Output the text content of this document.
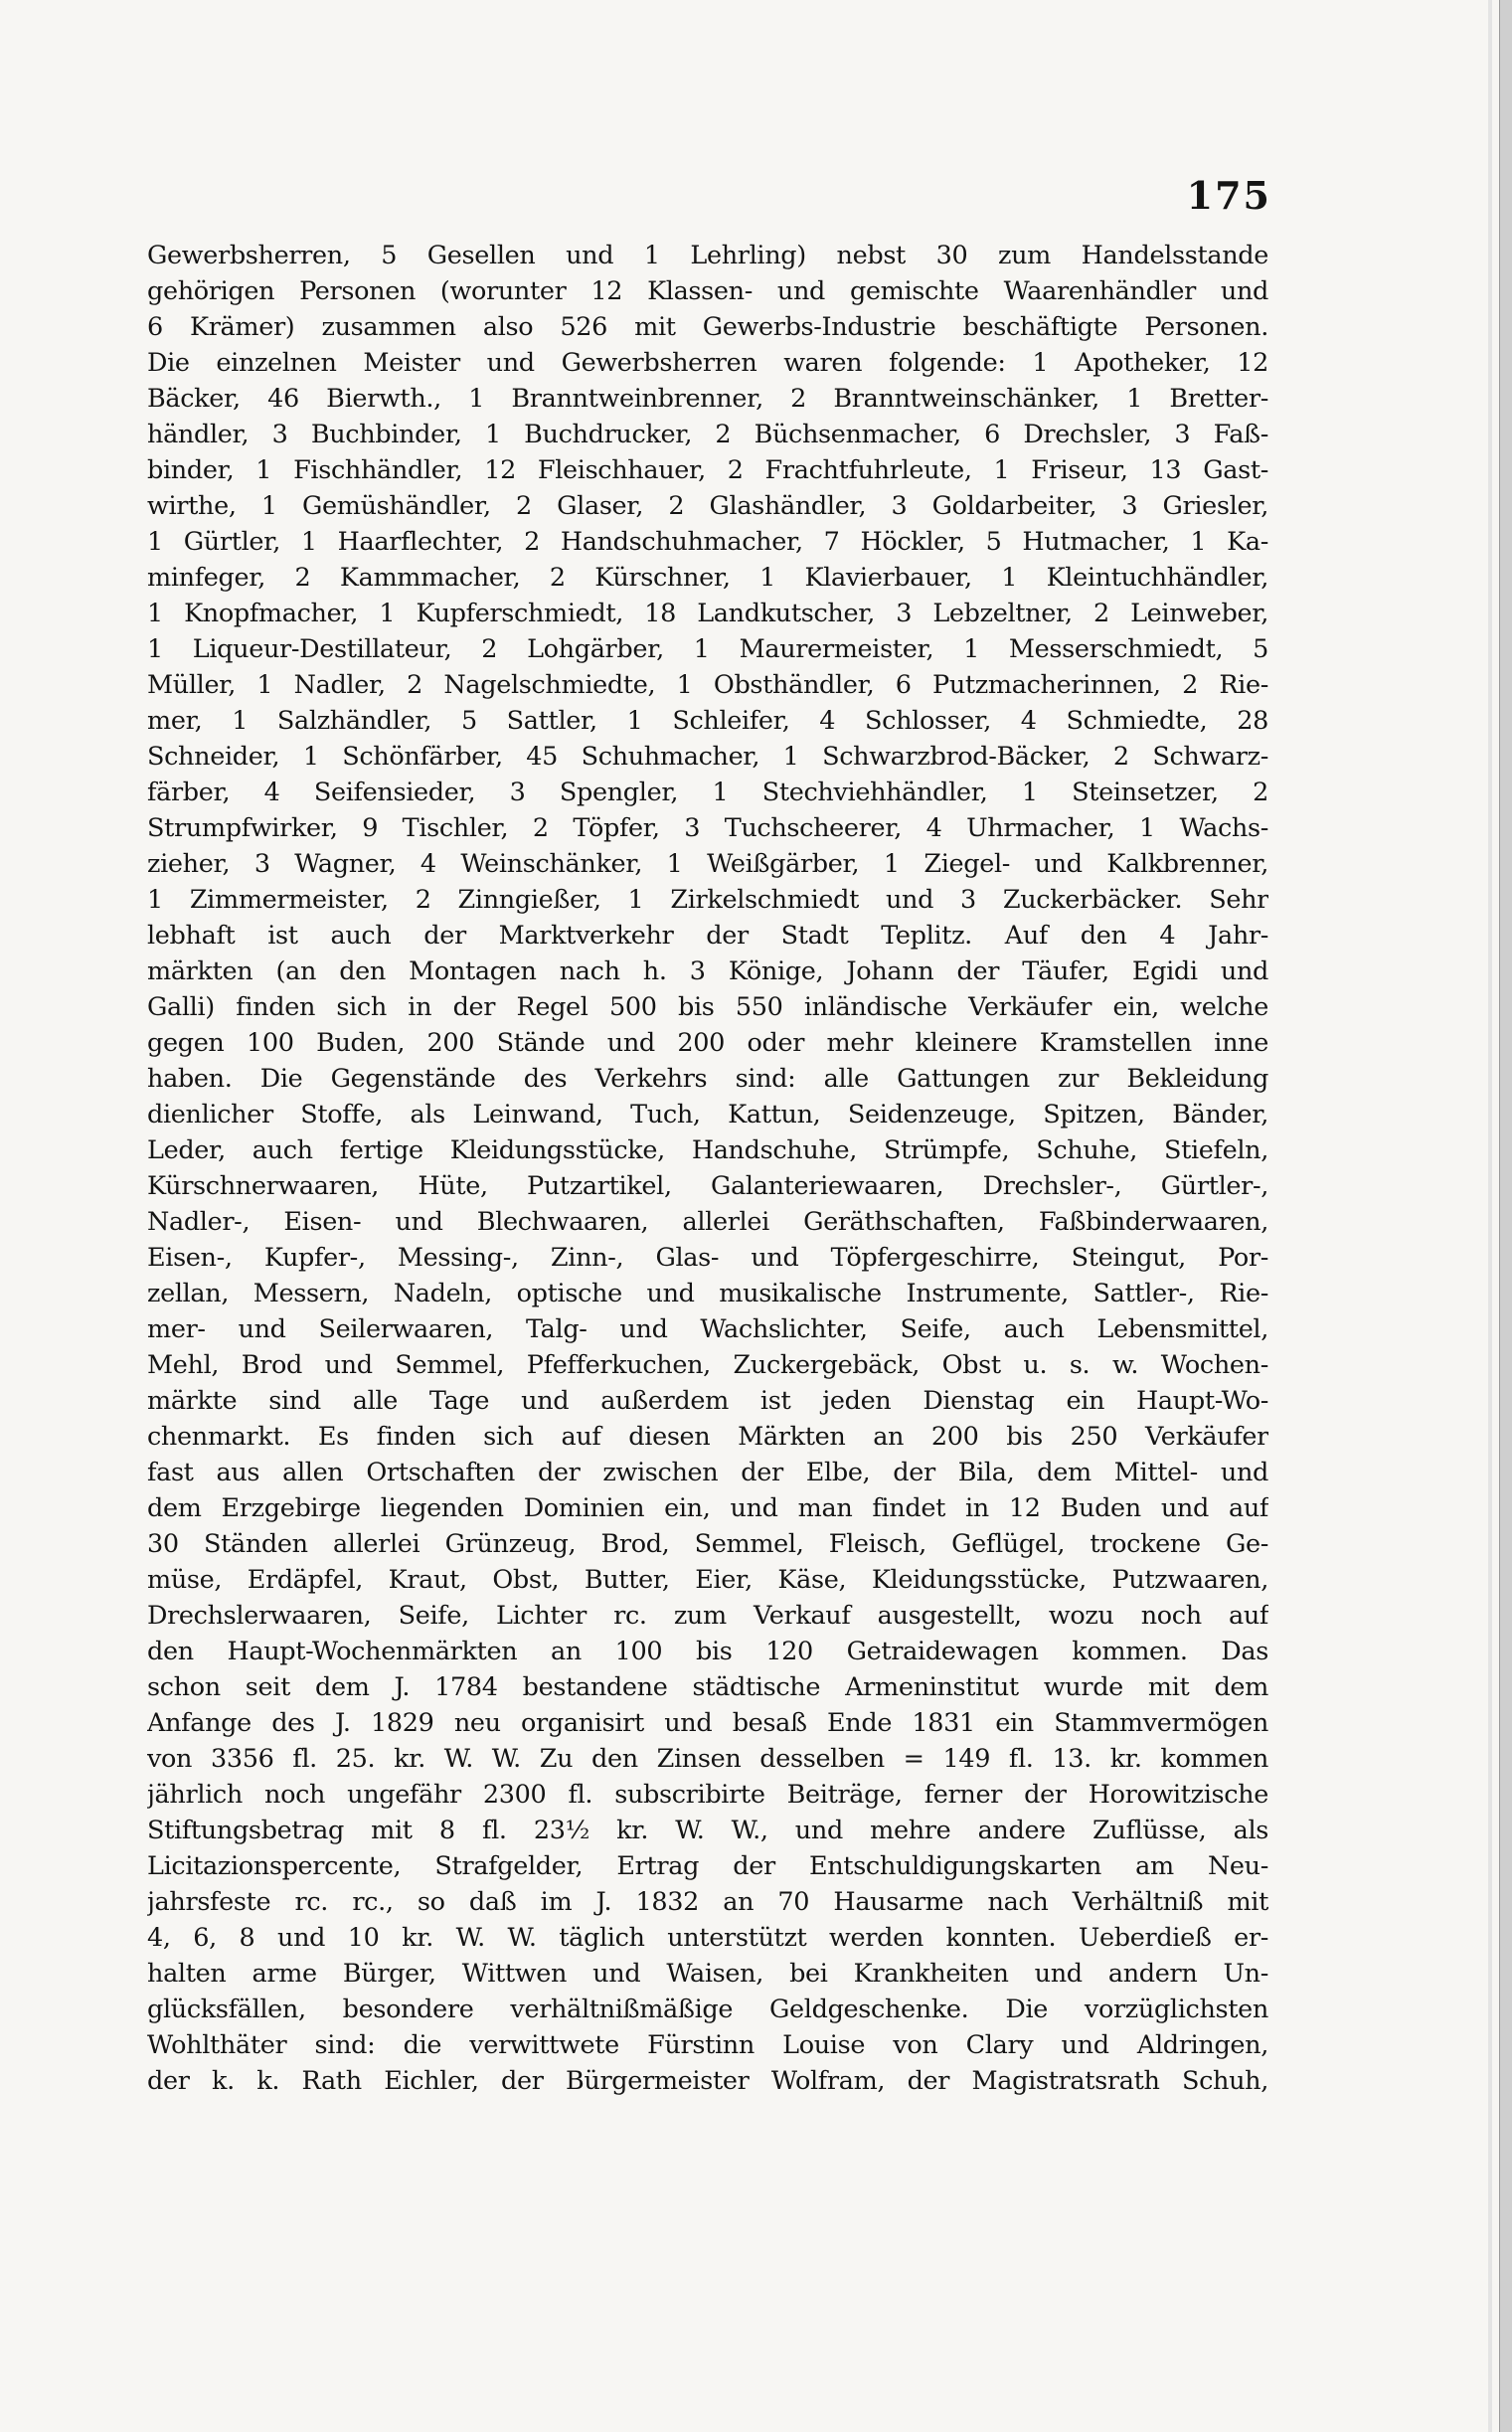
175

Gewerbsherren, 5 Gesellen und 1 Lehrling) nebst 30 zum Handelsstande
gehörigen Personen (worunter 12 Klassen- und gemischte Waarenhändler und
6 Krämer) zusammen also 526 mit Gewerbs-Industrie beschäftigte Personen.
Die einzelnen Meister und Gewerbsherren waren folgende: 1 Apotheker, 12
Bäcker, 46 Bierwth., 1 Branntweinbrenner, 2 Branntweinschänker, 1 Bretter-
händler, 3 Buchbinder, 1 Buchdrucker, 2 Büchsenmacher, 6 Drechsler, 3 Faß-
binder, 1 Fischhändler, 12 Fleischhauer, 2 Frachtfuhrleute, 1 Friseur, 13 Gast-
wirthe, 1 Gemüshändler, 2 Glaser, 2 Glashändler, 3 Goldarbeiter, 3 Griesler,
1 Gürtler, 1 Haarflechter, 2 Handschuhmacher, 7 Höckler, 5 Hutmacher, 1 Ka-
minfeger, 2 Kammmacher, 2 Kürschner, 1 Klavierbauer, 1 Kleintuchhändler,
1 Knopfmacher, 1 Kupferschmiedt, 18 Landkutscher, 3 Lebzeltner, 2 Leinweber,
1 Liqueur-Destillateur, 2 Lohgärber, 1 Maurermeister, 1 Messerschmiedt, 5
Müller, 1 Nadler, 2 Nagelschmiedte, 1 Obsthändler, 6 Putzmacherinnen, 2 Rie-
mer, 1 Salzhändler, 5 Sattler, 1 Schleifer, 4 Schlosser, 4 Schmiedte, 28
Schneider, 1 Schönfärber, 45 Schuhmacher, 1 Schwarzbrod-Bäcker, 2 Schwarz-
färber, 4 Seifensieder, 3 Spengler, 1 Stechviehhändler, 1 Steinsetzer, 2
Strumpfwirker, 9 Tischler, 2 Töpfer, 3 Tuchscheerer, 4 Uhrmacher, 1 Wachs-
zieher, 3 Wagner, 4 Weinschänker, 1 Weißgärber, 1 Ziegel- und Kalkbrenner,
1 Zimmermeister, 2 Zinngießer, 1 Zirkelschmiedt und 3 Zuckerbäcker. Sehr
lebhaft ist auch der Marktverkehr der Stadt Teplitz. Auf den 4 Jahr-
märkten (an den Montagen nach h. 3 Könige, Johann der Täufer, Egidi und
Galli) finden sich in der Regel 500 bis 550 inländische Verkäufer ein, welche
gegen 100 Buden, 200 Stände und 200 oder mehr kleinere Kramstellen inne
haben. Die Gegenstände des Verkehrs sind: alle Gattungen zur Bekleidung
dienlicher Stoffe, als Leinwand, Tuch, Kattun, Seidenzeuge, Spitzen, Bänder,
Leder, auch fertige Kleidungsstücke, Handschuhe, Strümpfe, Schuhe, Stiefeln,
Kürschnerwaaren, Hüte, Putzartikel, Galanteriewaaren, Drechsler-, Gürtler-,
Nadler-, Eisen- und Blechwaaren, allerlei Geräthschaften, Faßbinderwaaren,
Eisen-, Kupfer-, Messing-, Zinn-, Glas- und Töpfergeschirre, Steingut, Por-
zellan, Messern, Nadeln, optische und musikalische Instrumente, Sattler-, Rie-
mer- und Seilerwaaren, Talg- und Wachslichter, Seife, auch Lebensmittel,
Mehl, Brod und Semmel, Pfefferkuchen, Zuckergebäck, Obst u. s. w. Wochen-
märkte sind alle Tage und außerdem ist jeden Dienstag ein Haupt-Wo-
chenmarkt. Es finden sich auf diesen Märkten an 200 bis 250 Verkäufer
fast aus allen Ortschaften der zwischen der Elbe, der Bila, dem Mittel- und
dem Erzgebirge liegenden Dominien ein, und man findet in 12 Buden und auf
30 Ständen allerlei Grünzeug, Brod, Semmel, Fleisch, Geflügel, trockene Ge-
müse, Erdäpfel, Kraut, Obst, Butter, Eier, Käse, Kleidungsstücke, Putzwaaren,
Drechslerwaaren, Seife, Lichter rc. zum Verkauf ausgestellt, wozu noch auf
den Haupt-Wochenmärkten an 100 bis 120 Getraidewagen kommen. Das
schon seit dem J. 1784 bestandene städtische Armeninstitut wurde mit dem
Anfange des J. 1829 neu organisirt und besaß Ende 1831 ein Stammvermögen
von 3356 fl. 25. kr. W. W. Zu den Zinsen desselben = 149 fl. 13. kr. kommen
jährlich noch ungefähr 2300 fl. subscribirte Beiträge, ferner der Horowitzische
Stiftungsbetrag mit 8 fl. 23½ kr. W. W., und mehre andere Zuflüsse, als
Licitazionspercente, Strafgelder, Ertrag der Entschuldigungskarten am Neu-
jahrsfeste rc. rc., so daß im J. 1832 an 70 Hausarme nach Verhältniß mit
4, 6, 8 und 10 kr. W. W. täglich unterstützt werden konnten. Ueberdieß er-
halten arme Bürger, Wittwen und Waisen, bei Krankheiten und andern Un-
glücksfällen, besondere verhältnißmäßige Geldgeschenke. Die vorzüglichsten
Wohlthäter sind: die verwittwete Fürstinn Louise von Clary und Aldringen,
der k. k. Rath Eichler, der Bürgermeister Wolfram, der Magistratsrath Schuh,
